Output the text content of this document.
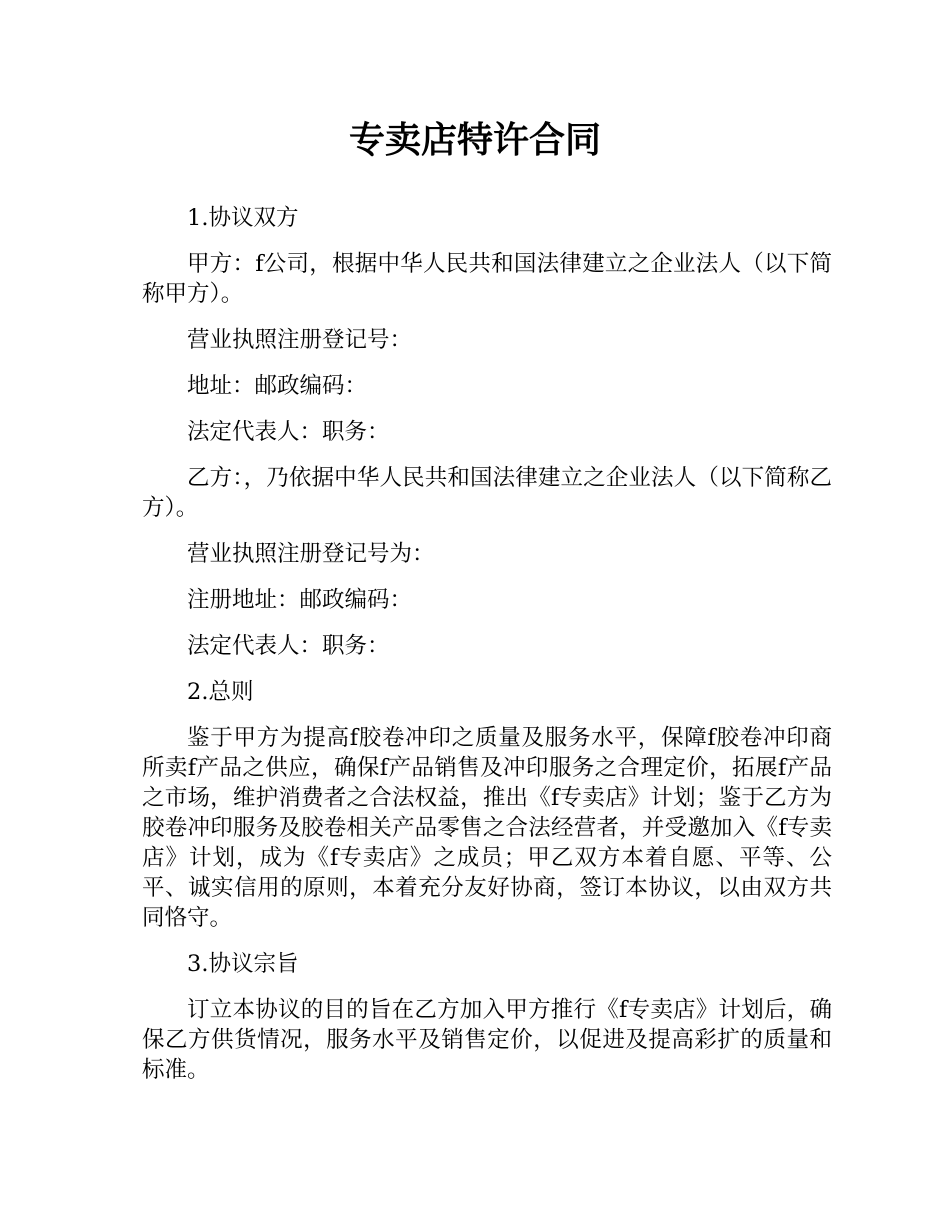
专卖店特许合同

1.协议双方

甲方：f公司，根据中华人民共和国法律建立之企业法人（以下简称甲方）。

营业执照注册登记号：

地址：邮政编码：

法定代表人：职务：

乙方：，乃依据中华人民共和国法律建立之企业法人（以下简称乙方）。

营业执照注册登记号为：

注册地址：邮政编码：

法定代表人：职务：

2.总则

鉴于甲方为提高f胶卷冲印之质量及服务水平，保障f胶卷冲印商所卖f产品之供应，确保f产品销售及冲印服务之合理定价，拓展f产品之市场，维护消费者之合法权益，推出《f专卖店》计划；鉴于乙方为胶卷冲印服务及胶卷相关产品零售之合法经营者，并受邀加入《f专卖店》计划，成为《f专卖店》之成员；甲乙双方本着自愿、平等、公平、诚实信用的原则，本着充分友好协商，签订本协议，以由双方共同恪守。

3.协议宗旨

订立本协议的目的旨在乙方加入甲方推行《f专卖店》计划后，确保乙方供货情况，服务水平及销售定价，以促进及提高彩扩的质量和标准。
